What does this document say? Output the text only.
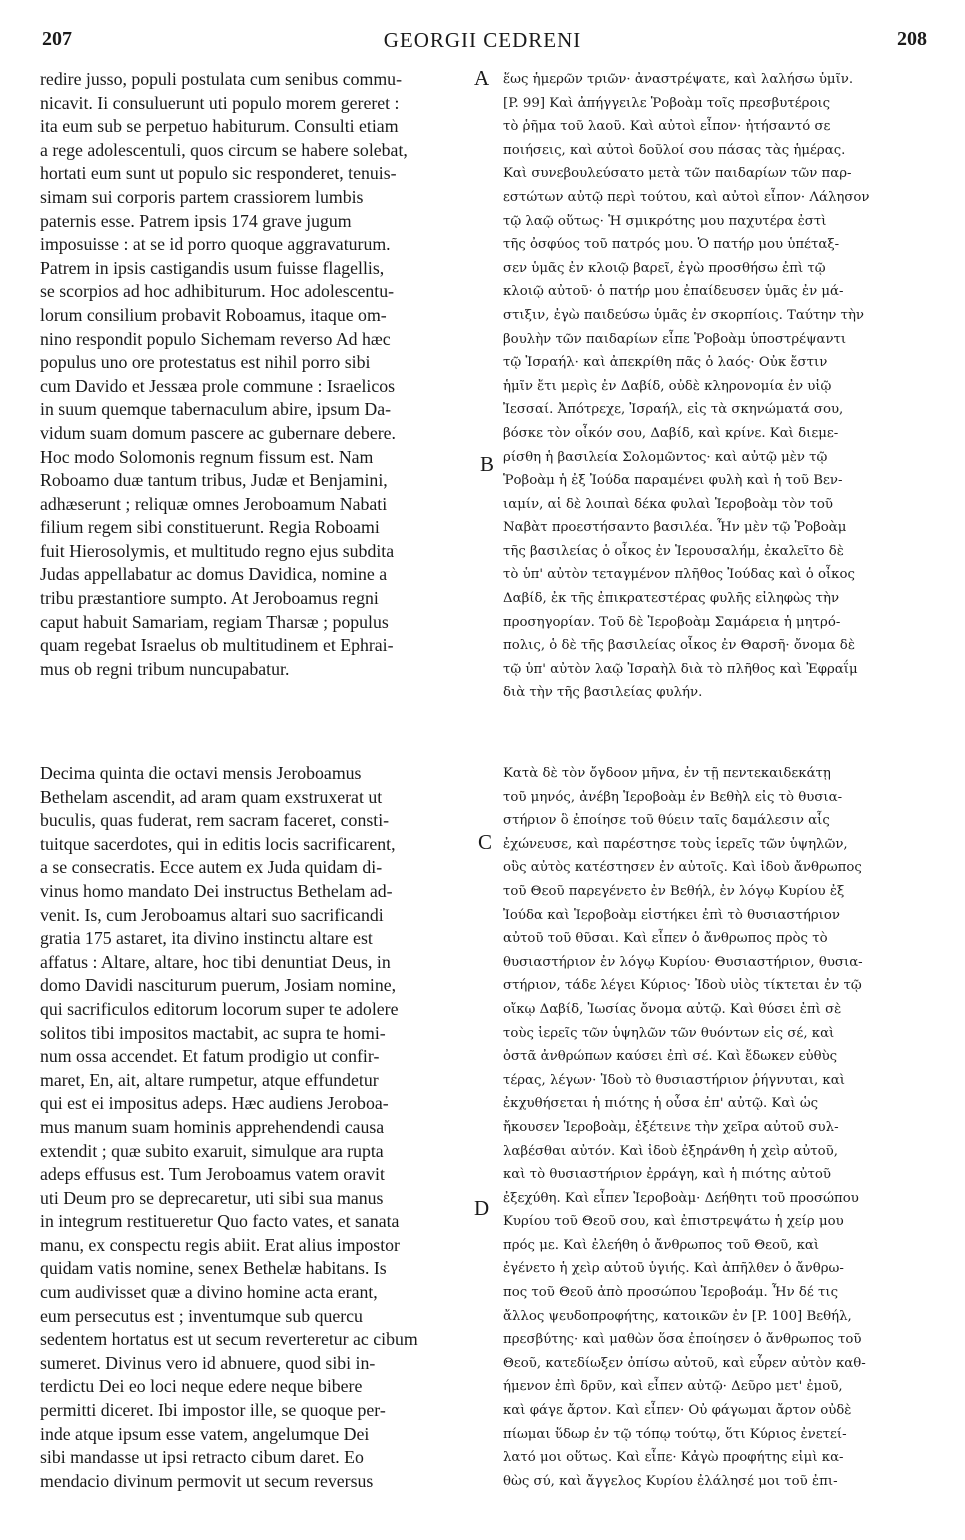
207	GEORGII CEDRENI	208
redire jusso, populi postulata cum senibus commu-
nicavit. Ii consuluerunt uti populo morem gereret :
ita eum sub se perpetuo habiturum. Consulti etiam
a rege adolescentuli, quos circum se habere solebat,
hortati eum sunt ut populo sic responderet, tenuis-
simam sui corporis partem crassiorem lumbis
paternis esse. Patrem ipsis 174 grave jugum
imposuisse : at se id porro quoque aggravaturum.
Patrem in ipsis castigandis usum fuisse flagellis,
se scorpios ad hoc adhibiturum. Hoc adolescentu-
lorum consilium probavit Roboamus, itaque om-
nino respondit populo Sichemam reverso Ad hæc
populus uno ore protestatus est nihil porro sibi
cum Davido et Jessæa prole commune : Israelicos
in suum quemque tabernaculum abire, ipsum Da-
vidum suam domum pascere ac gubernare debere.
Hoc modo Solomonis regnum fissum est. Nam
Roboamo duæ tantum tribus, Judæ et Benjamini,
adhæserunt ; reliquæ omnes Jeroboamum Nabati
filium regem sibi constituerunt. Regia Roboami
fuit Hierosolymis, et multitudo regno ejus subdita
Judas appellabatur ac domus Davidica, nomine a
tribu præstantiore sumpto. At Jeroboamus regni
caput habuit Samariam, regiam Tharsæ ; populus
quam regebat Israelus ob multitudinem et Ephrai-
mus ob regni tribum nuncupabatur.
ἕως ἡμερῶν τριῶν· ἀναστρέψατε, καὶ λαλήσω ὑμῖν.
[P. 99] Καὶ ἀπήγγειλε Ῥοβοὰμ τοῖς πρεσβυτέροις
τὸ ῥῆμα τοῦ λαοῦ. Καὶ αὐτοὶ εἶπον· ἠτήσαντό σε
ποιήσεις, καὶ αὐτοὶ δοῦλοί σου πάσας τὰς ἡμέρας.
Καὶ συνεβουλεύσατο μετὰ τῶν παιδαρίων τῶν παρ-
εστώτων αὐτῷ περὶ τούτου, καὶ αὐτοὶ εἶπον· Λάλησον
τῷ λαῷ οὕτως· Ἡ σμικρότης μου παχυτέρα ἐστὶ
τῆς ὀσφύος τοῦ πατρός μου. Ὁ πατήρ μου ὑπέταξ-
σεν ὑμᾶς ἐν κλοιῷ βαρεῖ, ἐγὼ προσθήσω ἐπὶ τῷ
κλοιῷ αὐτοῦ· ὁ πατήρ μου ἐπαίδευσεν ὑμᾶς ἐν μά-
στιξιν, ἐγὼ παιδεύσω ὑμᾶς ἐν σκορπίοις. Ταύτην τὴν
βουλὴν τῶν παιδαρίων εἶπε Ῥοβοὰμ ὑποστρέψαντι
τῷ Ἰσραήλ· καὶ ἀπεκρίθη πᾶς ὁ λαός· Οὐκ ἔστιν
ἡμῖν ἔτι μερὶς ἐν Δαβίδ, οὐδὲ κληρονομία ἐν υἱῷ
Ἰεσσαί. Ἀπότρεχε, Ἰσραήλ, εἰς τὰ σκηνώματά σου,
βόσκε τὸν οἶκόν σου, Δαβίδ, καὶ κρίνε. Καὶ διεμε-
ρίσθη ἡ βασιλεία Σολομῶντος· καὶ αὐτῷ μὲν τῷ
Ῥοβοὰμ ἡ ἐξ Ἰούδα παραμένει φυλὴ καὶ ἡ τοῦ Βεν-
ιαμίν, αἱ δὲ λοιπαὶ δέκα φυλαὶ Ἱεροβοὰμ τὸν τοῦ
Ναβὰτ προεστήσαντο βασιλέα. Ἦν μὲν τῷ Ῥοβοὰμ
τῆς βασιλείας ὁ οἶκος ἐν Ἱερουσαλήμ, ἐκαλεῖτο δὲ
τὸ ὑπ' αὐτὸν τεταγμένον πλῆθος Ἰούδας καὶ ὁ οἶκος
Δαβίδ, ἐκ τῆς ἐπικρατεστέρας φυλῆς εἰληφὼς τὴν
προσηγορίαν. Τοῦ δὲ Ἱεροβοὰμ Σαμάρεια ἡ μητρό-
πολις, ὁ δὲ τῆς βασιλείας οἶκος ἐν Θαρσῆ· ὄνομα δὲ
τῷ ὑπ' αὐτὸν λαῷ Ἰσραὴλ διὰ τὸ πλῆθος καὶ Ἐφραΐμ
διὰ τὴν τῆς βασιλείας φυλήν.
Decima quinta die octavi mensis Jeroboamus
Bethelam ascendit, ad aram quam exstruxerat ut
buculis, quas fuderat, rem sacram faceret, consti-
tuitque sacerdotes, qui in editis locis sacrificarent,
a se consecratis. Ecce autem ex Juda quidam di-
vinus homo mandato Dei instructus Bethelam ad-
venit. Is, cum Jeroboamus altari suo sacrificandi
gratia 175 astaret, ita divino instinctu altare est
affatus : Altare, altare, hoc tibi denuntiat Deus, in
domo Davidi nasciturum puerum, Josiam nomine,
qui sacrificulos editorum locorum super te adolere
solitos tibi impositos mactabit, ac supra te homi-
num ossa accendet. Et fatum prodigio ut confir-
maret, En, ait, altare rumpetur, atque effundetur
qui est ei impositus adeps. Hæc audiens Jeroboa-
mus manum suam hominis apprehendendi causa
extendit ; quæ subito exaruit, simulque ara rupta
adeps effusus est. Tum Jeroboamus vatem oravit
uti Deum pro se deprecaretur, uti sibi sua manus
in integrum restitueretur Quo facto vates, et sanata
manu, ex conspectu regis abiit. Erat alius impostor
quidam vatis nomine, senex Bethelæ habitans. Is
cum audivisset quæ a divino homine acta erant,
eum persecutus est ; inventumque sub quercu
sedentem hortatus est ut secum reverteretur ac cibum
sumeret. Divinus vero id abnuere, quod sibi in-
terdictu Dei eo loci neque edere neque bibere
permitti diceret. Ibi impostor ille, se quoque per-
inde atque ipsum esse vatem, angelumque Dei
sibi mandasse ut ipsi retracto cibum daret. Eo
mendacio divinum permovit ut secum reversus
Κατὰ δὲ τὸν ὄγδοον μῆνα, ἐν τῇ πεντεκαιδεκάτῃ
τοῦ μηνός, ἀνέβη Ἱεροβοὰμ ἐν Βεθὴλ εἰς τὸ θυσια-
στήριον ὃ ἐποίησε τοῦ θύειν ταῖς δαμάλεσιν αἷς
ἐχώνευσε, καὶ παρέστησε τοὺς ἱερεῖς τῶν ὑψηλῶν,
οὓς αὐτὸς κατέστησεν ἐν αὐτοῖς. Καὶ ἰδοὺ ἄνθρωπος
τοῦ Θεοῦ παρεγένετο ἐν Βεθήλ, ἐν λόγῳ Κυρίου ἐξ
Ἰούδα καὶ Ἱεροβοὰμ εἱστήκει ἐπὶ τὸ θυσιαστήριον
αὐτοῦ τοῦ θῦσαι. Καὶ εἶπεν ὁ ἄνθρωπος πρὸς τὸ
θυσιαστήριον ἐν λόγῳ Κυρίου· Θυσιαστήριον, θυσια-
στήριον, τάδε λέγει Κύριος· Ἰδοὺ υἱὸς τίκτεται ἐν τῷ
οἴκῳ Δαβίδ, Ἰωσίας ὄνομα αὐτῷ. Καὶ θύσει ἐπὶ σὲ
τοὺς ἱερεῖς τῶν ὑψηλῶν τῶν θυόντων εἰς σέ, καὶ
ὀστᾶ ἀνθρώπων καύσει ἐπὶ σέ. Καὶ ἔδωκεν εὐθὺς
τέρας, λέγων· Ἰδοὺ τὸ θυσιαστήριον ῥήγνυται, καὶ
ἐκχυθήσεται ἡ πιότης ἡ οὖσα ἐπ' αὐτῷ. Καὶ ὡς
ἤκουσεν Ἱεροβοὰμ, ἐξέτεινε τὴν χεῖρα αὐτοῦ συλ-
λαβέσθαι αὐτόν. Καὶ ἰδοὺ ἐξηράνθη ἡ χεὶρ αὐτοῦ,
καὶ τὸ θυσιαστήριον ἐρράγη, καὶ ἡ πιότης αὐτοῦ
ἐξεχύθη. Καὶ εἶπεν Ἱεροβοὰμ· Δεήθητι τοῦ προσώπου
Κυρίου τοῦ Θεοῦ σου, καὶ ἐπιστρεψάτω ἡ χείρ μου
πρός με. Καὶ ἐλεήθη ὁ ἄνθρωπος τοῦ Θεοῦ, καὶ
ἐγένετο ἡ χεὶρ αὐτοῦ ὑγιής. Καὶ ἀπῆλθεν ὁ ἄνθρω-
πος τοῦ Θεοῦ ἀπὸ προσώπου Ἱεροβοάμ. Ἦν δέ τις
ἄλλος ψευδοπροφήτης, κατοικῶν ἐν [P. 100] Βεθήλ,
πρεσβύτης· καὶ μαθὼν ὅσα ἐποίησεν ὁ ἄνθρωπος τοῦ
Θεοῦ, κατεδίωξεν ὀπίσω αὐτοῦ, καὶ εὗρεν αὐτὸν καθ-
ήμενον ἐπὶ δρῦν, καὶ εἶπεν αὐτῷ· Δεῦρο μετ' ἐμοῦ,
καὶ φάγε ἄρτον. Καὶ εἶπεν· Οὐ φάγωμαι ἄρτον οὐδὲ
πίωμαι ὕδωρ ἐν τῷ τόπῳ τούτῳ, ὅτι Κύριος ἐνετεί-
λατό μοι οὕτως. Καὶ εἶπε· Κἀγὼ προφήτης εἰμὶ κα-
θὼς σύ, καὶ ἄγγελος Κυρίου ἐλάλησέ μοι τοῦ ἐπι-
A
B
C
D
